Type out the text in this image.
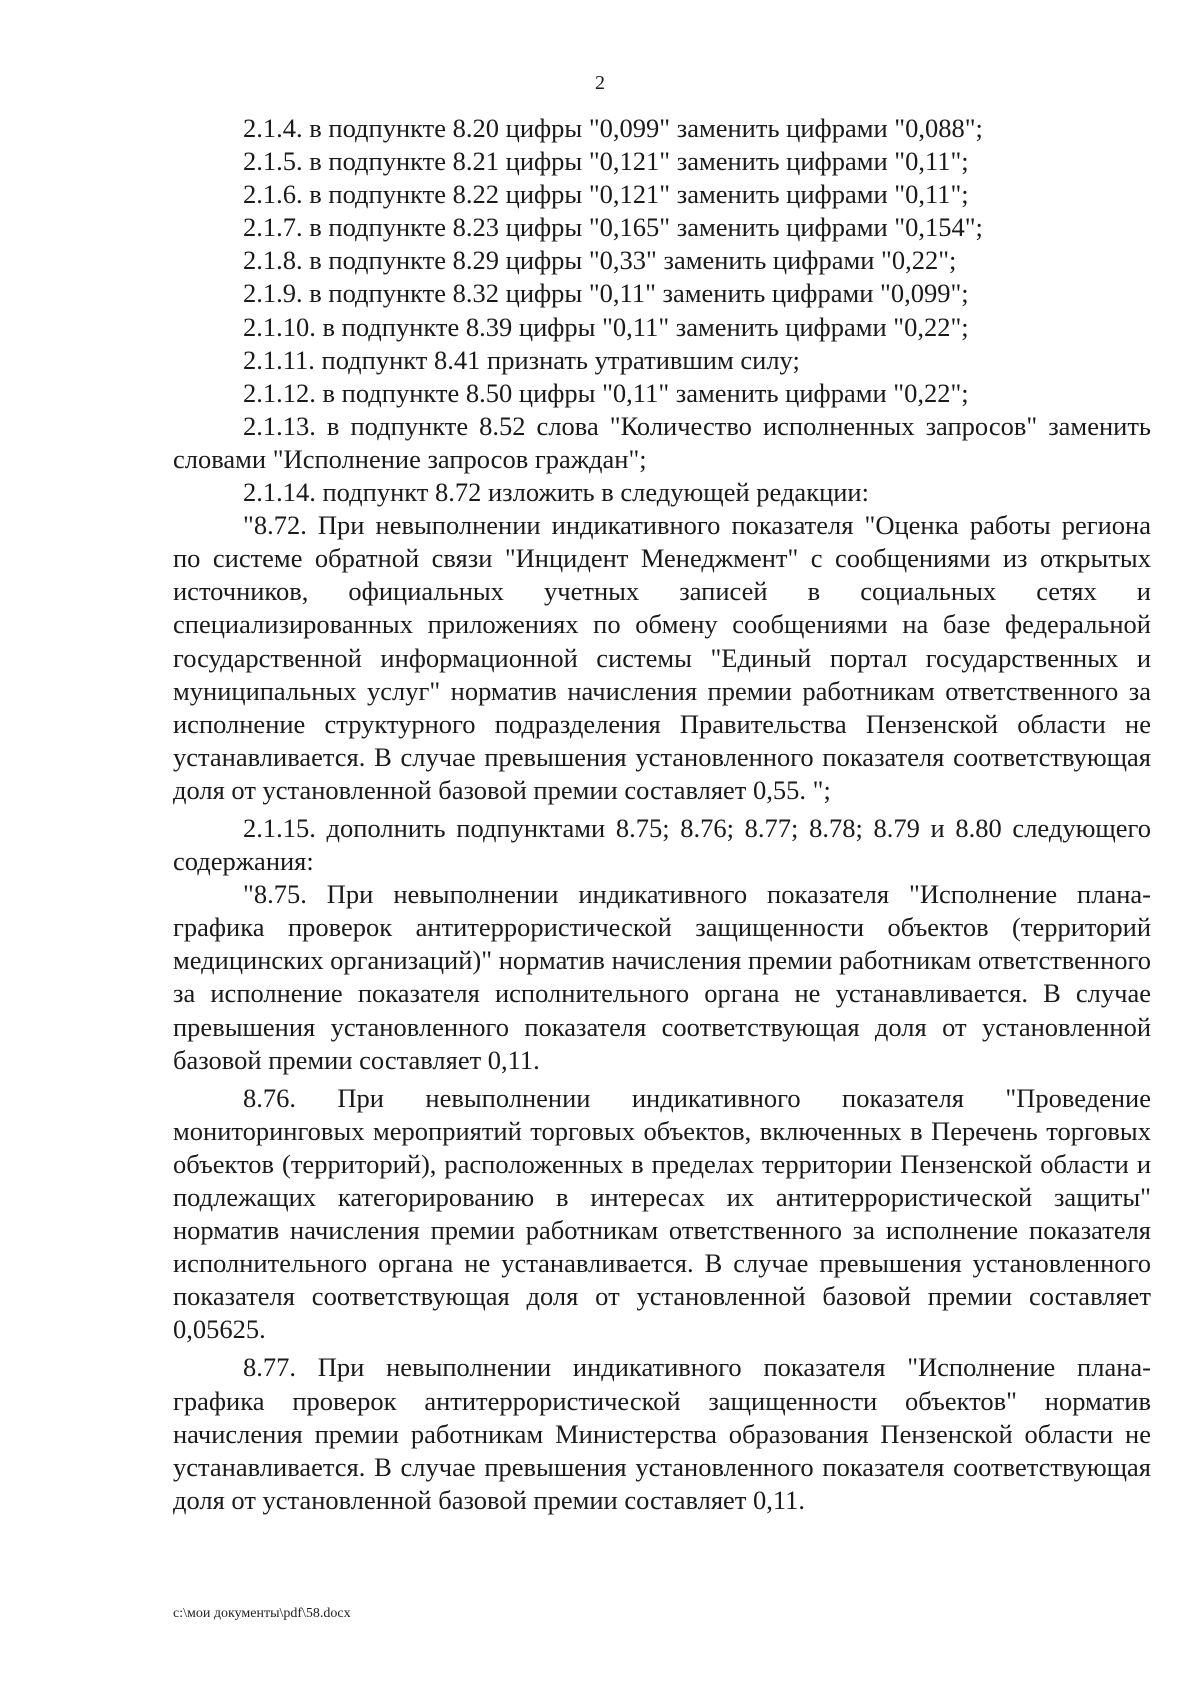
2

2.1.4. в подпункте 8.20 цифры "0,099" заменить цифрами "0,088";

2.1.5. в подпункте 8.21 цифры "0,121" заменить цифрами "0,11";

2.1.6. в подпункте 8.22 цифры "0,121" заменить цифрами "0,11";

2.1.7. в подпункте 8.23 цифры "0,165" заменить цифрами "0,154";

2.1.8. в подпункте 8.29 цифры "0,33" заменить цифрами "0,22";

2.1.9. в подпункте 8.32 цифры "0,11" заменить цифрами "0,099";

2.1.10. в подпункте 8.39 цифры "0,11" заменить цифрами "0,22";

2.1.11. подпункт 8.41 признать утратившим силу;

2.1.12. в подпункте 8.50 цифры "0,11" заменить цифрами "0,22";

2.1.13. в подпункте 8.52 слова "Количество исполненных запросов" заменить словами "Исполнение запросов граждан";

2.1.14. подпункт 8.72 изложить в следующей редакции:

"8.72. При невыполнении индикативного показателя "Оценка работы региона по системе обратной связи "Инцидент Менеджмент" с сообщениями из открытых источников, официальных учетных записей в социальных сетях и специализированных приложениях по обмену сообщениями на базе федеральной государственной информационной системы "Единый портал государственных и муниципальных услуг" норматив начисления премии работникам ответственного за исполнение структурного подразделения Правительства Пензенской области не устанавливается. В случае превышения установленного показателя соответствующая доля от установленной базовой премии составляет 0,55. ";

2.1.15. дополнить подпунктами 8.75; 8.76; 8.77; 8.78; 8.79 и 8.80 следующего содержания:

"8.75. При невыполнении индикативного показателя "Исполнение плана-графика проверок антитеррористической защищенности объектов (территорий медицинских организаций)" норматив начисления премии работникам ответственного за исполнение показателя исполнительного органа не устанавливается. В случае превышения установленного показателя соответствующая доля от установленной базовой премии составляет 0,11.

8.76. При невыполнении индикативного показателя "Проведение мониторинговых мероприятий торговых объектов, включенных в Перечень торговых объектов (территорий), расположенных в пределах территории Пензенской области и подлежащих категорированию в интересах их антитеррористической защиты" норматив начисления премии работникам ответственного за исполнение показателя исполнительного органа не устанавливается. В случае превышения установленного показателя соответствующая доля от установленной базовой премии составляет 0,05625.

8.77. При невыполнении индикативного показателя "Исполнение плана-графика проверок антитеррористической защищенности объектов" норматив начисления премии работникам Министерства образования Пензенской области не устанавливается. В случае превышения установленного показателя соответствующая доля от установленной базовой премии составляет 0,11.

c:\мои документы\pdf\58.docx
